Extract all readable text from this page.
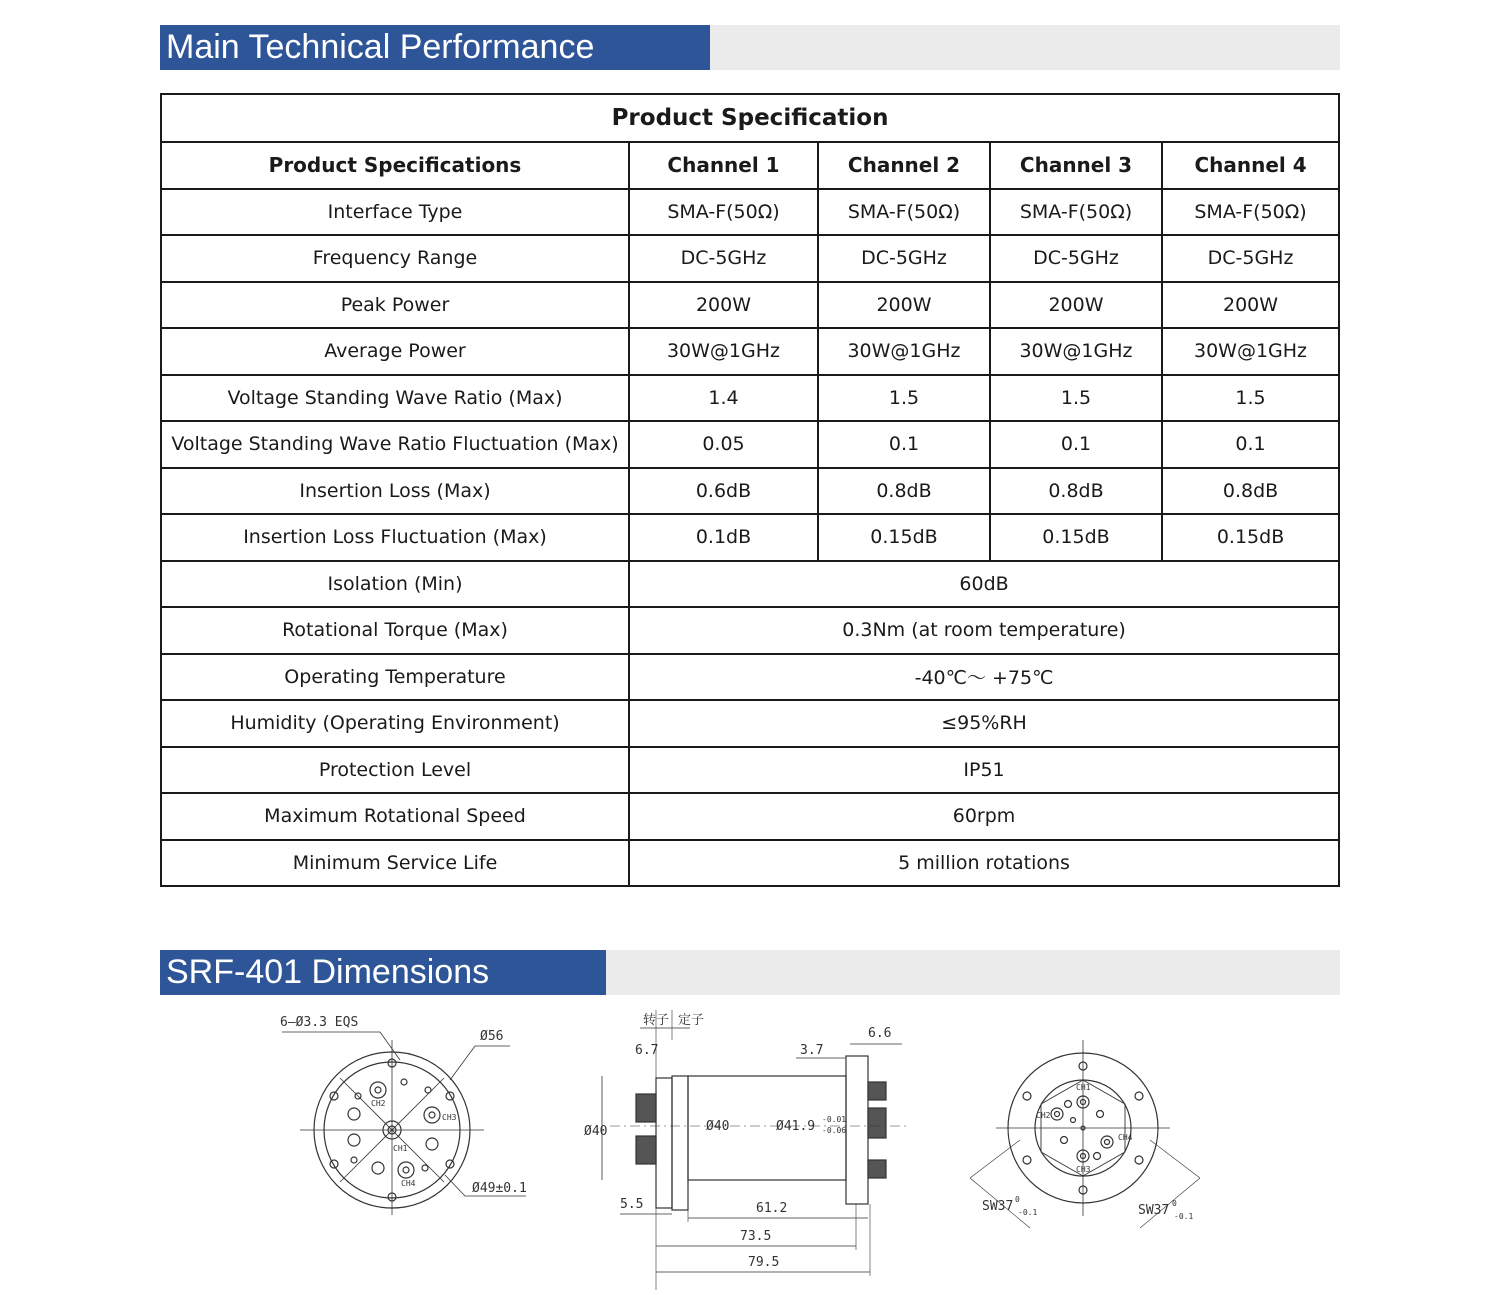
Main Technical Performance
Product Specification				
Product Specifications	Channel 1	Channel 2	Channel 3	Channel 4
Interface Type	SMA-F(50Ω)	SMA-F(50Ω)	SMA-F(50Ω)	SMA-F(50Ω)
Frequency Range	DC-5GHz	DC-5GHz	DC-5GHz	DC-5GHz
Peak Power	200W	200W	200W	200W
Average Power	30W@1GHz	30W@1GHz	30W@1GHz	30W@1GHz
Voltage Standing Wave Ratio (Max)	1.4	1.5	1.5	1.5
Voltage Standing Wave Ratio Fluctuation (Max)	0.05	0.1	0.1	0.1
Insertion Loss (Max)	0.6dB	0.8dB	0.8dB	0.8dB
Insertion Loss Fluctuation (Max)	0.1dB	0.15dB	0.15dB	0.15dB
Isolation (Min)	60dB			
Rotational Torque (Max)	0.3Nm (at room temperature)			
Operating Temperature	-40℃～ +75℃			
Humidity (Operating Environment)	≤95%RH			
Protection Level	IP51			
Maximum Rotational Speed	60rpm			
Minimum Service Life	5 million rotations			
SRF-401 Dimensions
6–Ø3.3 EQS
Ø56
Ø49±0.1
CH1
CH2
CH3
CH4
转子 定子
6.7	3.7
6.6
Ø40	Ø40	Ø41.9 -0.01
-0.06
5.5	61.2
73.5
79.5
CH1
CH2
CH3
CH4
SW37 0
-0.1	SW37 0
-0.1
